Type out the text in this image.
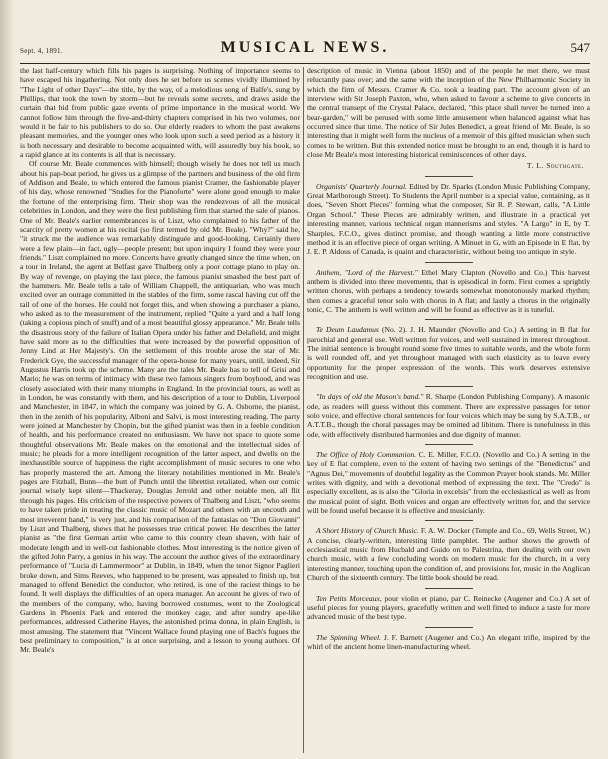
Sept. 4, 1891.	MUSICAL NEWS.	547

the last half-century which fills his pages is surprising. Nothing of importance seems to have escaped his ingathering. Not only does he set before us scenes vividly illumined by "The Light of other Days"—the title, by the way, of a melodious song of Balfe's, sung by Phillips, that took the town by storm—but he reveals some secrets, and draws aside the curtain that hid from public gaze events of prime importance in the musical world. We cannot follow him through the five-and-thirty chapters comprised in his two volumes, nor would it be fair to his publishers to do so. Our elderly readers to whom the past awakens pleasant memories, and the younger ones who look upon such a seed period as a history it is both necessary and desirable to become acquainted with, will assuredly buy his book, so a rapid glance at its contents is all that is necessary.

Of course Mr. Beale commences with himself; though wisely he does not tell us much about his pap-boat period, he gives us a glimpse of the partners and business of the old firm of Addison and Beale, to which entered the famous pianist Cramer, the fashionable player of his day, whose renowned "Studies for the Pianoforte" were alone good enough to make the fortune of the enterprising firm. Their shop was the rendezvous of all the musical celebrities in London, and they were the first publishing firm that started the sale of pianos. One of Mr. Beale's earlier remembrances is of Liszt, who complained to his father of the scarcity of pretty women at his recital (so first termed by old Mr. Beale). "Why?" said he, "it struck me the audience was remarkably distinguée and good-looking. Certainly there were a few plain—in fact, ugly—people present; but upon inquiry I found they were your friends." Liszt complained no more. Concerts have greatly changed since the time when, on a tour in Ireland, the agent at Belfast gave Thalberg only a poor cottage piano to play on. By way of revenge, on playing the last piece, the famous pianist smashed the best part of the hammers. Mr. Beale tells a tale of William Chappell, the antiquarian, who was much excited over an outrage committed in the stables of the firm, some rascal having cut off the tail of one of the horses. He could not forget this, and when showing a purchaser a piano, who asked as to the measurement of the instrument, replied "Quite a yard and a half long (taking a copious pinch of snuff) and of a most beautiful glossy appearance." Mr. Beale tells the disastrous story of the failure of Italian Opera under his father and Delafield, and might have said more as to the difficulties that were increased by the powerful opposition of Jenny Lind at Her Majesty's. On the settlement of this trouble arose the star of Mr. Frederick Gye, the successful manager of the opera-house for many years, until, indeed, Sir Augustus Harris took up the scheme. Many are the tales Mr. Beale has to tell of Grisi and Mario; he was on terms of intimacy with these two famous singers from boyhood, and was closely associated with their many triumphs in England. In the provincial tours, as well as in London, he was constantly with them, and his description of a tour to Dublin, Liverpool and Manchester, in 1847, in which the company was joined by G. A. Osborne, the pianist, then in the zenith of his popularity, Alboni and Salvi, is most interesting reading. The party were joined at Manchester by Chopin, but the gifted pianist was then in a feeble condition of health, and his performance created no enthusiasm. We have not space to quote some thoughtful observations Mr. Beale makes on the emotional and the intellectual sides of music; he pleads for a more intelligent recognition of the latter aspect, and dwells on the inexhaustible source of happiness the right accomplishment of music secures to one who has properly mastered the art. Among the literary notabilities mentioned in Mr. Beale's pages are Fitzball, Bunn—the butt of Punch until the librettist retaliated, when our comic journal wisely kept silent—Thackeray, Douglas Jerrold and other notable men, all flit through his pages. His criticism of the respective powers of Thalberg and Liszt, "who seems to have taken pride in treating the classic music of Mozart and others with an uncouth and most irreverent hand," is very just, and his comparison of the fantasias on "Don Giovanni" by Liszt and Thalberg, shews that he possesses true critical power. He describes the latter pianist as "the first German artist who came to this country clean shaven, with hair of moderate length and in well-cut fashionable clothes. Most interesting is the notice given of the gifted John Parry, a genius in his way. The account the author gives of the extraordinary performance of "Lucia di Lammermoor" at Dublin, in 1849, when the tenor Signor Paglieri broke down, and Sims Reeves, who happened to be present, was appealed to finish up, but managed to offend Benedict the conductor, who retired, is one of the raciest things to be found. It well displays the difficulties of an opera manager. An account he gives of two of the members of the company, who, having borrowed costumes, went to the Zoological Gardens in Phoenix Park and entered the monkey cage, and after sundry ape-like performances, addressed Catherine Hayes, the astonished prima donna, in plain English, is most amusing. The statement that "Vincent Wallace found playing one of Bach's fugues the best preliminary to composition," is at once surprising, and a lesson to young authors. Of Mr. Beale's

description of music in Vienna (about 1850) and of the people he met there, we must reluctantly pass over; and the same with the inception of the New Philharmonic Society in which the firm of Messrs. Cramer & Co. took a leading part. The account given of an interview with Sir Joseph Paxton, who, when asked to favour a scheme to give concerts in the central transept of the Crystal Palace, declared, "this place shall never be turned into a bear-garden," will be perused with some little amusement when balanced against what has occurred since that time. The notice of Sir Jules Benedict, a great friend of Mr. Beale, is so interesting that it might well form the nucleus of a memoir of this gifted musician when such comes to be written. But this extended notice must be brought to an end, though it is hard to close Mr Beale's most interesting historical reminiscences of other days.

T. L. Southgate.

Organists' Quarterly Journal. Edited by Dr. Sparks (London Music Publishing Company, Great Marlborough Street). To Students the April number is a special value, containing, as it does, "Seven Short Pieces" forming what the composer, Sir R. P. Stewart, calls, "A Little Organ School." These Pieces are admirably written, and illustrate in a practical yet interesting manner, various technical organ mannerisms and styles. "A Largo" in E, by T. Sharples, F.C.O., gives distinct promise, and though wanting a little more constructive method it is an effective piece of organ writing. A Minuet in G, with an Episode in E flat, by J. E. P. Aldous of Canada, is quaint and characteristic, without being too antique in style.

Anthem, "Lord of the Harvest." Ethel Mary Clapton (Novello and Co.) This harvest anthem is divided into three movements, that is episodical in form. First comes a sprightly written chorus, with perhaps a tendency towards somewhat monotonously marked rhythm; then comes a graceful tenor solo with chorus in A flat; and lastly a chorus in the originally tonic, C. The anthem is well written and will be found as effective as it is tuneful.

Te Deum Laudamus (No. 2). J. H. Maunder (Novello and Co.) A setting in B flat for parochial and general use. Well written for voices, and well sustained in interest throughout. The initial sentence is brought round some five times to suitable words, and the whole form is well rounded off, and yet throughout managed with such elasticity as to leave every opportunity for the proper expression of the words. This work deserves extensive recognition and use.

"In days of old the Mason's band." R. Sharpe (London Publishing Company). A masonic ode, as readers will guess without this comment. There are expressive passages for tenor solo voice, and effective choral sentences for four voices which may be sung by S.A.T.B., or A.T.T.B., though the choral passages may be omitted ad libitum. There is tunefulness in this ode, with effectively distributed harmonies and due dignity of manner.

The Office of Holy Communion. C. E. Miller, F.C.O. (Novello and Co.) A setting in the key of E flat complete, even to the extent of having two settings of the "Benedictus" and "Agnus Dei," movements of doubtful legality as the Common Prayer book stands. Mr. Miller writes with dignity, and with a devotional method of expressing the text. The "Credo" is especially excellent, as is also the "Gloria in excelsis" from the ecclesiastical as well as from the musical point of sight. Both voices and organ are effectively written for, and the service will be found useful because it is effective and musicianly.

A Short History of Church Music. F. A. W. Docker (Temple and Co., 69, Wells Street, W.) A concise, clearly-written, interesting little pamphlet. The author shows the growth of ecclesiastical music from Hucbald and Guido on to Palestrina, then dealing with our own church music, with a few concluding words on modern music for the church, in a very interesting manner, touching upon the condition of, and provisions for, music in the Anglican Church of the sixteenth century. The little book should be read.

Ten Petits Morceaux, pour violin et piano, par C. Reinecke (Augener and Co.) A set of useful pieces for young players, gracefully written and well fitted to induce a taste for more advanced music of the best type.

The Spinning Wheel. J. F. Barnett (Augener and Co.) An elegant trifle, inspired by the whirl of the ancient home linen-manufacturing wheel.
